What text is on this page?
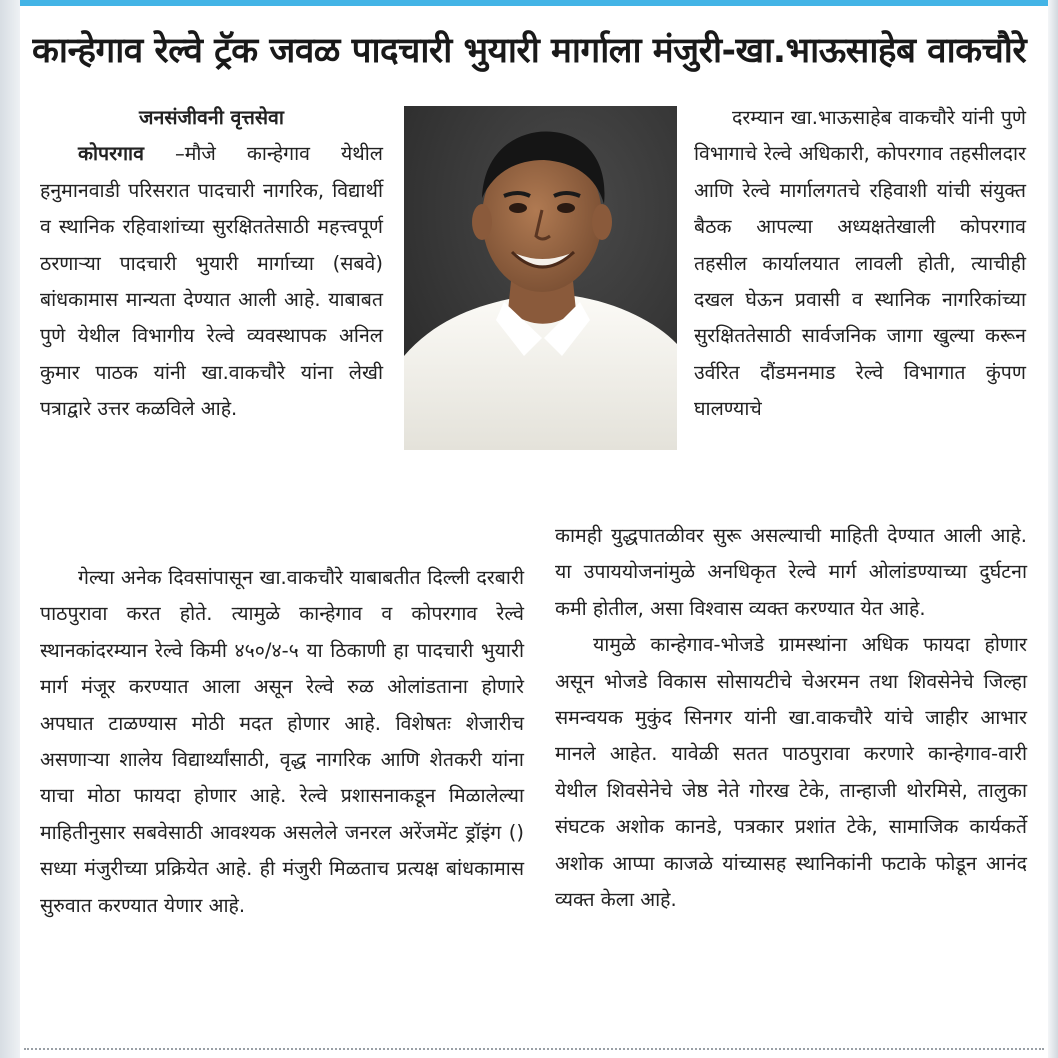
कान्हेगाव रेल्वे ट्रॅक जवळ पादचारी भुयारी मार्गाला मंजुरी-खा.भाऊसाहेब वाकचौरे

जनसंजीवनी वृत्तसेवा

कोपरगाव –मौजे कान्हेगाव येथील हनुमानवाडी परिसरात पादचारी नागरिक, विद्यार्थी व स्थानिक रहिवाशांच्या सुरक्षिततेसाठी महत्त्वपूर्ण ठरणाऱ्या पादचारी भुयारी मार्गाच्या (सबवे) बांधकामास मान्यता देण्यात आली आहे. याबाबत पुणे येथील विभागीय रेल्वे व्यवस्थापक अनिल कुमार पाठक यांनी खा.वाकचौरे यांना लेखी पत्राद्वारे उत्तर कळविले आहे.

दरम्यान खा.भाऊसाहेब वाकचौरे यांनी पुणे विभागाचे रेल्वे अधिकारी, कोपरगाव तहसीलदार आणि रेल्वे मार्गालगतचे रहिवाशी यांची संयुक्त बैठक आपल्या अध्यक्षतेखाली कोपरगाव तहसील कार्यालयात लावली होती, त्याचीही दखल घेऊन प्रवासी व स्थानिक नागरिकांच्या सुरक्षिततेसाठी सार्वजनिक जागा खुल्या करून उर्वरित दौंडमनमाड रेल्वे विभागात कुंपण घालण्याचे

कामही युद्धपातळीवर सुरू असल्याची माहिती देण्यात आली आहे. या उपाययोजनांमुळे अनधिकृत रेल्वे मार्ग ओलांडण्याच्या दुर्घटना कमी होतील, असा विश्वास व्यक्त करण्यात येत आहे.

यामुळे कान्हेगाव-भोजडे ग्रामस्थांना अधिक फायदा होणार असून भोजडे विकास सोसायटीचे चेअरमन तथा शिवसेनेचे जिल्हा समन्वयक मुकुंद सिनगर यांनी खा.वाकचौरे यांचे जाहीर आभार मानले आहेत. यावेळी सतत पाठपुरावा करणारे कान्हेगाव-वारी येथील शिवसेनेचे जेष्ठ नेते गोरख टेके, तान्हाजी थोरमिसे, तालुका संघटक अशोक कानडे, पत्रकार प्रशांत टेके, सामाजिक कार्यकर्ते अशोक आप्पा काजळे यांच्यासह स्थानिकांनी फटाके फोडून आनंद व्यक्त केला आहे.

गेल्या अनेक दिवसांपासून खा.वाकचौरे याबाबतीत दिल्ली दरबारी पाठपुरावा करत होते. त्यामुळे कान्हेगाव व कोपरगाव रेल्वे स्थानकांदरम्यान रेल्वे किमी ४५०/४-५ या ठिकाणी हा पादचारी भुयारी मार्ग मंजूर करण्यात आला असून रेल्वे रुळ ओलांडताना होणारे अपघात टाळण्यास मोठी मदत होणार आहे. विशेषतः शेजारीच असणाऱ्या शालेय विद्यार्थ्यांसाठी, वृद्ध नागरिक आणि शेतकरी यांना याचा मोठा फायदा होणार आहे. रेल्वे प्रशासनाकडून मिळालेल्या माहितीनुसार सबवेसाठी आवश्यक असलेले जनरल अरेंजमेंट ड्रॉइंग () सध्या मंजुरीच्या प्रक्रियेत आहे. ही मंजुरी मिळताच प्रत्यक्ष बांधकामास सुरुवात करण्यात येणार आहे.
